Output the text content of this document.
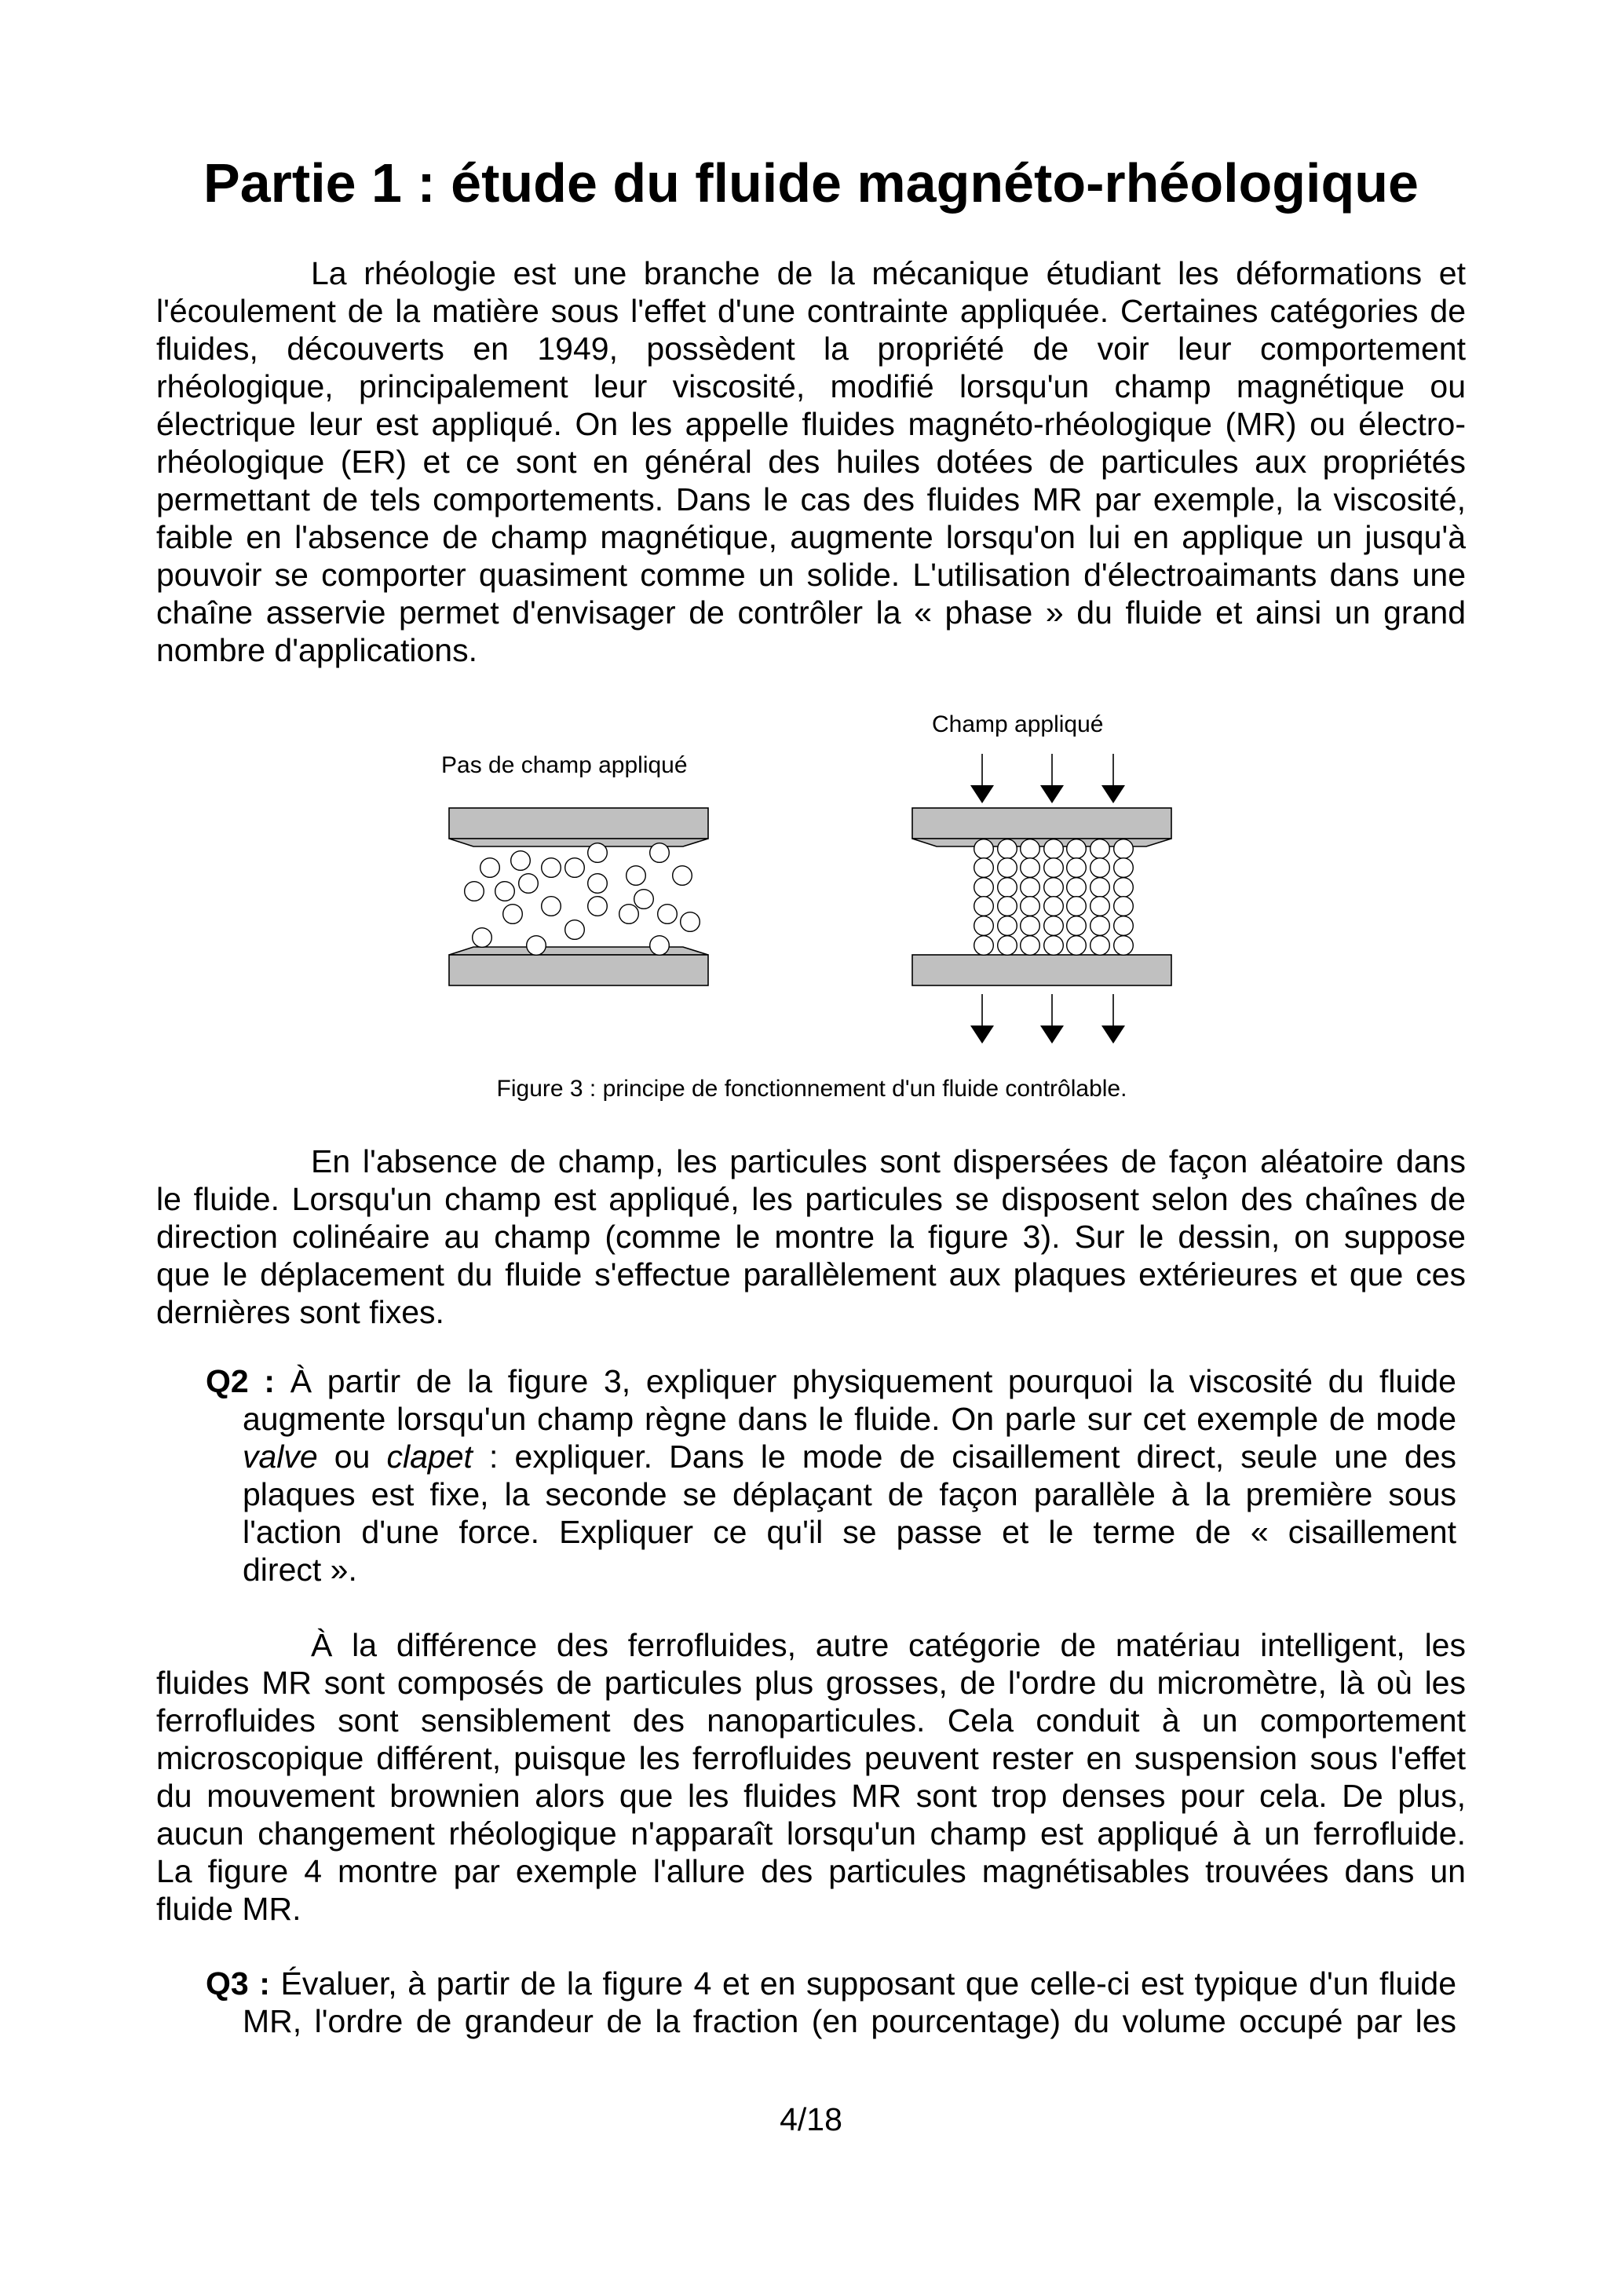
Partie 1 : étude du fluide magnéto-rhéologique
La rhéologie est une branche de la mécanique étudiant les déformations et
l'écoulement de la matière sous l'effet d'une contrainte appliquée. Certaines catégories de
fluides, découverts en 1949, possèdent la propriété de voir leur comportement
rhéologique, principalement leur viscosité, modifié lorsqu'un champ magnétique ou
électrique leur est appliqué. On les appelle fluides magnéto-rhéologique (MR) ou électro-
rhéologique (ER) et ce sont en général des huiles dotées de particules aux propriétés
permettant de tels comportements. Dans le cas des fluides MR par exemple, la viscosité,
faible en l'absence de champ magnétique, augmente lorsqu'on lui en applique un jusqu'à
pouvoir se comporter quasiment comme un solide. L'utilisation d'électroaimants dans une
chaîne asservie permet d'envisager de contrôler la « phase » du fluide et ainsi un grand
nombre d'applications.
Pas de champ appliqué
Champ appliqué
Figure 3 : principe de fonctionnement d'un fluide contrôlable.
En l'absence de champ, les particules sont dispersées de façon aléatoire dans
le fluide. Lorsqu'un champ est appliqué, les particules se disposent selon des chaînes de
direction colinéaire au champ (comme le montre la figure 3). Sur le dessin, on suppose
que le déplacement du fluide s'effectue parallèlement aux plaques extérieures et que ces
dernières sont fixes.
Q2 : À partir de la figure 3, expliquer physiquement pourquoi la viscosité du fluide
augmente lorsqu'un champ règne dans le fluide. On parle sur cet exemple de mode
valve ou clapet : expliquer. Dans le mode de cisaillement direct, seule une des
plaques est fixe, la seconde se déplaçant de façon parallèle à la première sous
l'action d'une force. Expliquer ce qu'il se passe et le terme de « cisaillement
direct ».
À la différence des ferrofluides, autre catégorie de matériau intelligent, les
fluides MR sont composés de particules plus grosses, de l'ordre du micromètre, là où les
ferrofluides sont sensiblement des nanoparticules. Cela conduit à un comportement
microscopique différent, puisque les ferrofluides peuvent rester en suspension sous l'effet
du mouvement brownien alors que les fluides MR sont trop denses pour cela. De plus,
aucun changement rhéologique n'apparaît lorsqu'un champ est appliqué à un ferrofluide.
La figure 4 montre par exemple l'allure des particules magnétisables trouvées dans un
fluide MR.
Q3 : Évaluer, à partir de la figure 4 et en supposant que celle-ci est typique d'un fluide
MR, l'ordre de grandeur de la fraction (en pourcentage) du volume occupé par les
4/18
